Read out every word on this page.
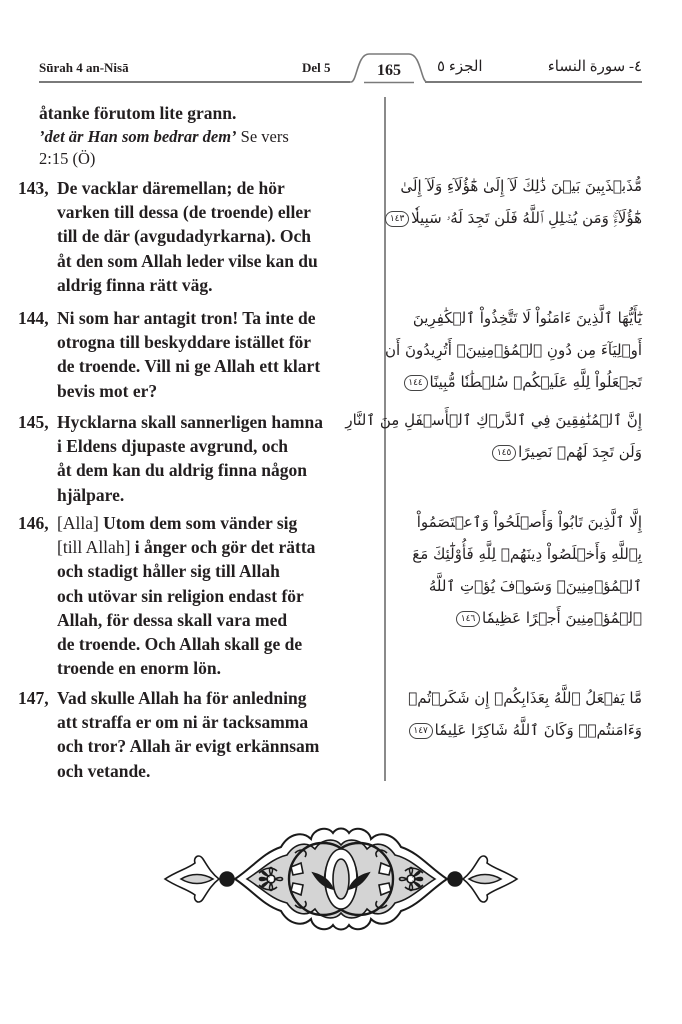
Sūrah 4 an-Nisā	Del 5	165	الجزء ٥	٤- سورة النساء
åtanke förutom lite grann.
’det är Han som bedrar dem’ Se vers
2:15 (Ö)
143, De vacklar däremellan; de hör
varken till dessa (de troende) eller
till de där (avgudadyrkarna). Och
åt den som Allah leder vilse kan du
aldrig finna rätt väg.
مُّذَبۡذَبِينَ بَيۡنَ ذَٰلِكَ لَآ إِلَىٰ هَٰٓؤُلَآءِ وَلَآ إِلَىٰ
هَٰٓؤُلَآءِۚ وَمَن يُضۡلِلِ ٱللَّهُ فَلَن تَجِدَ لَهُۥ سَبِيلٗا١٤٣
144, Ni som har antagit tron! Ta inte de
otrogna till beskyddare istället för
de troende. Vill ni ge Allah ett klart
bevis mot er?
يَٰٓأَيُّهَا ٱلَّذِينَ ءَامَنُواْ لَا تَتَّخِذُواْ ٱلۡكَٰفِرِينَ
أَوۡلِيَآءَ مِن دُونِ ٱلۡمُؤۡمِنِينَۚ أَتُرِيدُونَ أَن
تَجۡعَلُواْ لِلَّهِ عَلَيۡكُمۡ سُلۡطَٰنٗا مُّبِينًا١٤٤
145, Hycklarna skall sannerligen hamna
i Eldens djupaste avgrund, och
åt dem kan du aldrig finna någon
hjälpare.
إِنَّ ٱلۡمُنَٰفِقِينَ فِي ٱلدَّرۡكِ ٱلۡأَسۡفَلِ مِنَ ٱلنَّارِ
وَلَن تَجِدَ لَهُمۡ نَصِيرًا١٤٥
146, [Alla] Utom dem som vänder sig
[till Allah] i ånger och gör det rätta
och stadigt håller sig till Allah
och utövar sin religion endast för
Allah, för dessa skall vara med
de troende. Och Allah skall ge de
troende en enorm lön.
إِلَّا ٱلَّذِينَ تَابُواْ وَأَصۡلَحُواْ وَٱعۡتَصَمُواْ
بِٱللَّهِ وَأَخۡلَصُواْ دِينَهُمۡ لِلَّهِ فَأُوْلَٰٓئِكَ مَعَ
ٱلۡمُؤۡمِنِينَۖ وَسَوۡفَ يُؤۡتِ ٱللَّهُ
ٱلۡمُؤۡمِنِينَ أَجۡرًا عَظِيمٗا١٤٦
147, Vad skulle Allah ha för anledning
att straffa er om ni är tacksamma
och tror? Allah är evigt erkännsam
och vetande.
مَّا يَفۡعَلُ ٱللَّهُ بِعَذَابِكُمۡ إِن شَكَرۡتُمۡ
وَءَامَنتُمۡۚ وَكَانَ ٱللَّهُ شَاكِرًا عَلِيمٗا١٤٧
